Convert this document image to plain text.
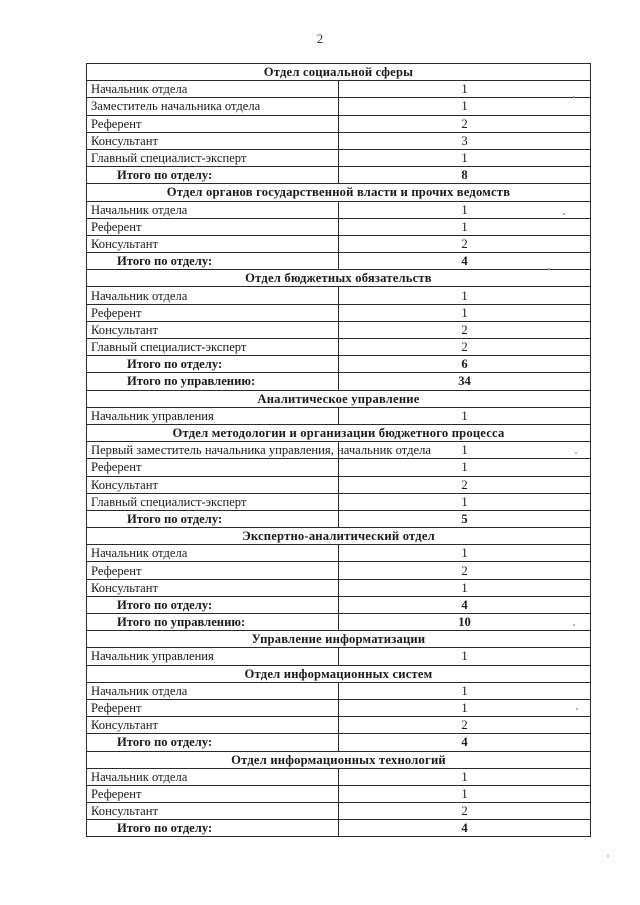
2
Отдел социальной сферы	
Начальник отдела	1
Заместитель начальника отдела	1
Референт	2
Консультант	3
Главный специалист-эксперт	1
Итого по отделу:	8
Отдел органов государственной власти и прочих ведомств	
Начальник отдела	1
Референт	1
Консультант	2
Итого по отделу:	4
Отдел бюджетных обязательств	
Начальник отдела	1
Референт	1
Консультант	2
Главный специалист-эксперт	2
Итого по отделу:	6
Итого по управлению:	34
Аналитическое управление	
Начальник управления	1
Отдел методологии и организации бюджетного процесса	
Первый заместитель начальника управления, начальник отдела	1
Референт	1
Консультант	2
Главный специалист-эксперт	1
Итого по отделу:	5
Экспертно-аналитический отдел	
Начальник отдела	1
Референт	2
Консультант	1
Итого по отделу:	4
Итого по управлению:	10
Управление информатизации	
Начальник управления	1
Отдел информационных систем	
Начальник отдела	1
Референт	1
Консультант	2
Итого по отделу:	4
Отдел информационных технологий	
Начальник отдела	1
Референт	1
Консультант	2
Итого по отделу:	4
